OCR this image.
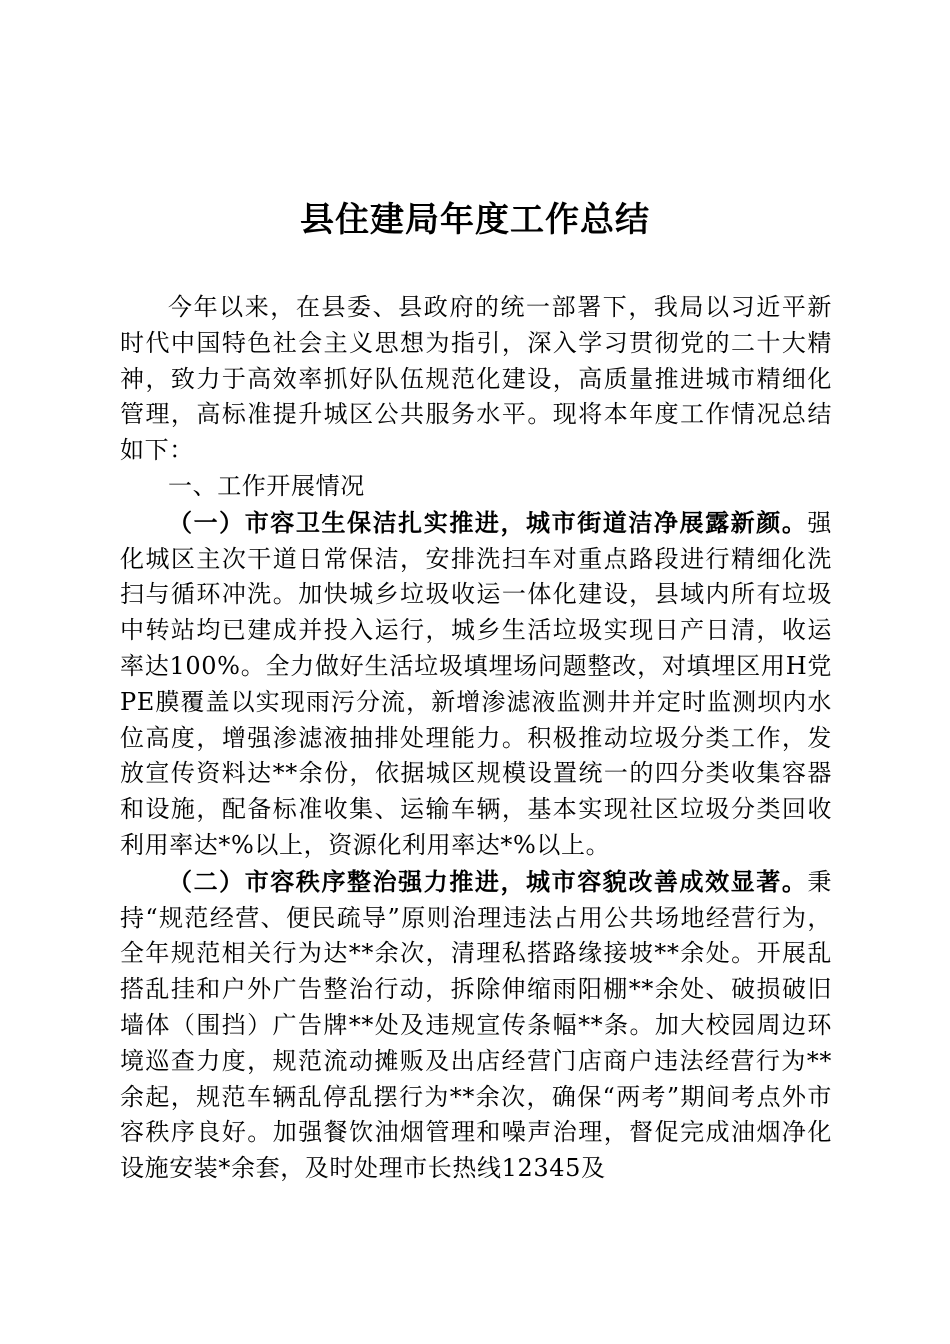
县住建局年度工作总结

今年以来，在县委、县政府的统一部署下，我局以习近平新时代中国特色社会主义思想为指引，深入学习贯彻党的二十大精神，致力于高效率抓好队伍规范化建设，高质量推进城市精细化管理，高标准提升城区公共服务水平。现将本年度工作情况总结如下：

一、工作开展情况

（一）市容卫生保洁扎实推进，城市街道洁净展露新颜。强化城区主次干道日常保洁，安排洗扫车对重点路段进行精细化洗扫与循环冲洗。加快城乡垃圾收运一体化建设，县域内所有垃圾中转站均已建成并投入运行，城乡生活垃圾实现日产日清，收运率达100%。全力做好生活垃圾填埋场问题整改，对填埋区用H党PE膜覆盖以实现雨污分流，新增渗滤液监测井并定时监测坝内水位高度，增强渗滤液抽排处理能力。积极推动垃圾分类工作，发放宣传资料达**余份，依据城区规模设置统一的四分类收集容器和设施，配备标准收集、运输车辆，基本实现社区垃圾分类回收利用率达*%以上，资源化利用率达*%以上。

（二）市容秩序整治强力推进，城市容貌改善成效显著。秉持“规范经营、便民疏导”原则治理违法占用公共场地经营行为，全年规范相关行为达**余次，清理私搭路缘接坡**余处。开展乱搭乱挂和户外广告整治行动，拆除伸缩雨阳棚**余处、破损破旧墙体（围挡）广告牌**处及违规宣传条幅**条。加大校园周边环境巡查力度，规范流动摊贩及出店经营门店商户违法经营行为**余起，规范车辆乱停乱摆行为**余次，确保“两考”期间考点外市容秩序良好。加强餐饮油烟管理和噪声治理，督促完成油烟净化设施安装*余套，及时处理市长热线12345及
